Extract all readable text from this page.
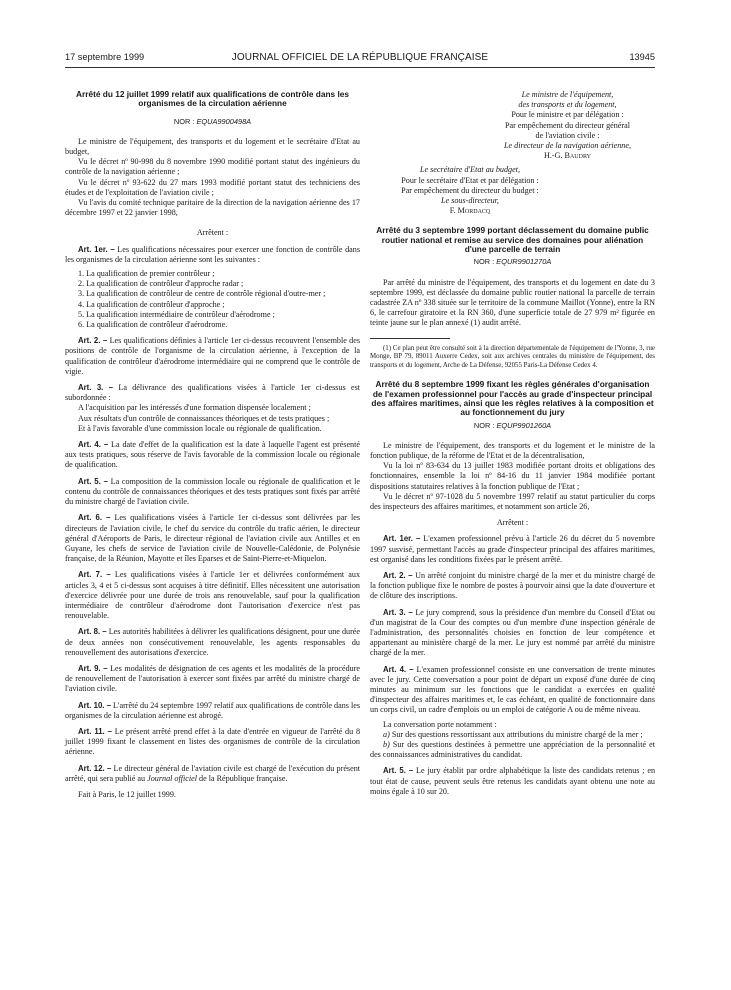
17 septembre 1999	JOURNAL OFFICIEL DE LA RÉPUBLIQUE FRANÇAISE	13945
Arrêté du 12 juillet 1999 relatif aux qualifications de contrôle dans les organismes de la circulation aérienne
NOR : EQUA9900498A

Le ministre de l'équipement, des transports et du logement et le secrétaire d'Etat au budget,

Vu le décret nº 90-998 du 8 novembre 1990 modifié portant statut des ingénieurs du contrôle de la navigation aérienne ;

Vu le décret nº 93-622 du 27 mars 1993 modifié portant statut des techniciens des études et de l'exploitation de l'aviation civile ;

Vu l'avis du comité technique paritaire de la direction de la navigation aérienne des 17 décembre 1997 et 22 janvier 1998,

Arrêtent :

Art. 1er. – Les qualifications nécessaires pour exercer une fonction de contrôle dans les organismes de la circulation aérienne sont les suivantes :

1. La qualification de premier contrôleur ;

2. La qualification de contrôleur d'approche radar ;

3. La qualification de contrôleur de centre de contrôle régional d'outre-mer ;

4. La qualification de contrôleur d'approche ;

5. La qualification intermédiaire de contrôleur d'aérodrome ;

6. La qualification de contrôleur d'aérodrome.

Art. 2. – Les qualifications définies à l'article 1er ci-dessus recouvrent l'ensemble des positions de contrôle de l'organisme de la circulation aérienne, à l'exception de la qualification de contrôleur d'aérodrome intermédiaire qui ne comprend que le contrôle de vigie.

Art. 3. – La délivrance des qualifications visées à l'article 1er ci-dessus est subordonnée :

A l'acquisition par les intéressés d'une formation dispensée localement ;

Aux résultats d'un contrôle de connaissances théoriques et de tests pratiques ;

Et à l'avis favorable d'une commission locale ou régionale de qualification.

Art. 4. – La date d'effet de la qualification est la date à laquelle l'agent est présenté aux tests pratiques, sous réserve de l'avis favorable de la commission locale ou régionale de qualification.

Art. 5. – La composition de la commission locale ou régionale de qualification et le contenu du contrôle de connaissances théoriques et des tests pratiques sont fixés par arrêté du ministre chargé de l'aviation civile.

Art. 6. – Les qualifications visées à l'article 1er ci-dessus sont délivrées par les directeurs de l'aviation civile, le chef du service du contrôle du trafic aérien, le directeur général d'Aéroports de Paris, le directeur régional de l'aviation civile aux Antilles et en Guyane, les chefs de service de l'aviation civile de Nouvelle-Calédonie, de Polynésie française, de la Réunion, Mayotte et îles Eparses et de Saint-Pierre-et-Miquelon.

Art. 7. – Les qualifications visées à l'article 1er et délivrées conformément aux articles 3, 4 et 5 ci-dessus sont acquises à titre définitif. Elles nécessitent une autorisation d'exercice délivrée pour une durée de trois ans renouvelable, sauf pour la qualification intermédiaire de contrôleur d'aérodrome dont l'autorisation d'exercice n'est pas renouvelable.

Art. 8. – Les autorités habilitées à délivrer les qualifications désignent, pour une durée de deux années non consécutivement renouvelable, les agents responsables du renouvellement des autorisations d'exercice.

Art. 9. – Les modalités de désignation de ces agents et les modalités de la procédure de renouvellement de l'autorisation à exercer sont fixées par arrêté du ministre chargé de l'aviation civile.

Art. 10. – L'arrêté du 24 septembre 1997 relatif aux qualifications de contrôle dans les organismes de la circulation aérienne est abrogé.

Art. 11. – Le présent arrêté prend effet à la date d'entrée en vigueur de l'arrêté du 8 juillet 1999 fixant le classement en listes des organismes de contrôle de la circulation aérienne.

Art. 12. – Le directeur général de l'aviation civile est chargé de l'exécution du présent arrêté, qui sera publié au Journal officiel de la République française.

Fait à Paris, le 12 juillet 1999.

Le ministre de l'équipement,
des transports et du logement,
Pour le ministre et par délégation :
Par empêchement du directeur général
de l'aviation civile :
Le directeur de la navigation aérienne,
H.-G. Baudry
Le secrétaire d'Etat au budget,
Pour le secrétaire d'Etat et par délégation :
Par empêchement du directeur du budget :
Le sous-directeur,
F. Mordacq
Arrêté du 3 septembre 1999 portant déclassement du domaine public routier national et remise au service des domaines pour aliénation d'une parcelle de terrain
NOR : EQUR9901270A

Par arrêté du ministre de l'équipement, des transports et du logement en date du 3 septembre 1999, est déclassée du domaine public routier national la parcelle de terrain cadastrée ZA nº 338 située sur le territoire de la commune Maillot (Yonne), entre la RN 6, le carrefour giratoire et la RN 360, d'une superficie totale de 27 979 m² figurée en teinte jaune sur le plan annexé (1) audit arrêté.

(1) Ce plan peut être consulté soit à la direction départementale de l'équipement de l'Yonne, 3, rue Monge, BP 79, 89011 Auxerre Cedex, soit aux archives centrales du ministère de l'équipement, des transports et du logement, Arche de La Défense, 92055 Paris-La Défense Cedex 4.

Arrêté du 8 septembre 1999 fixant les règles générales d'organisation de l'examen professionnel pour l'accès au grade d'inspecteur principal des affaires maritimes, ainsi que les règles relatives à la composition et au fonctionnement du jury
NOR : EQUP9901260A

Le ministre de l'équipement, des transports et du logement et le ministre de la fonction publique, de la réforme de l'Etat et de la décentralisation,

Vu la loi nº 83-634 du 13 juillet 1983 modifiée portant droits et obligations des fonctionnaires, ensemble la loi nº 84-16 du 11 janvier 1984 modifiée portant dispositions statutaires relatives à la fonction publique de l'Etat ;

Vu le décret nº 97-1028 du 5 novembre 1997 relatif au statut particulier du corps des inspecteurs des affaires maritimes, et notamment son article 26,

Arrêtent :

Art. 1er. – L'examen professionnel prévu à l'article 26 du décret du 5 novembre 1997 susvisé, permettant l'accès au grade d'inspecteur principal des affaires maritimes, est organisé dans les conditions fixées par le présent arrêté.

Art. 2. – Un arrêté conjoint du ministre chargé de la mer et du ministre chargé de la fonction publique fixe le nombre de postes à pourvoir ainsi que la date d'ouverture et de clôture des inscriptions.

Art. 3. – Le jury comprend, sous la présidence d'un membre du Conseil d'Etat ou d'un magistrat de la Cour des comptes ou d'un membre d'une inspection générale de l'administration, des personnalités choisies en fonction de leur compétence et appartenant au ministère chargé de la mer. Le jury est nommé par arrêté du ministre chargé de la mer.

Art. 4. – L'examen professionnel consiste en une conversation de trente minutes avec le jury. Cette conversation a pour point de départ un exposé d'une durée de cinq minutes au minimum sur les fonctions que le candidat a exercées en qualité d'inspecteur des affaires maritimes et, le cas échéant, en qualité de fonctionnaire dans un corps civil, un cadre d'emplois ou un emploi de catégorie A ou de même niveau.

La conversation porte notamment :

a) Sur des questions ressortissant aux attributions du ministre chargé de la mer ;

b) Sur des questions destinées à permettre une appréciation de la personnalité et des connaissances administratives du candidat.

Art. 5. – Le jury établit par ordre alphabétique la liste des candidats retenus ; en tout état de cause, peuvent seuls être retenus les candidats ayant obtenu une note au moins égale à 10 sur 20.
